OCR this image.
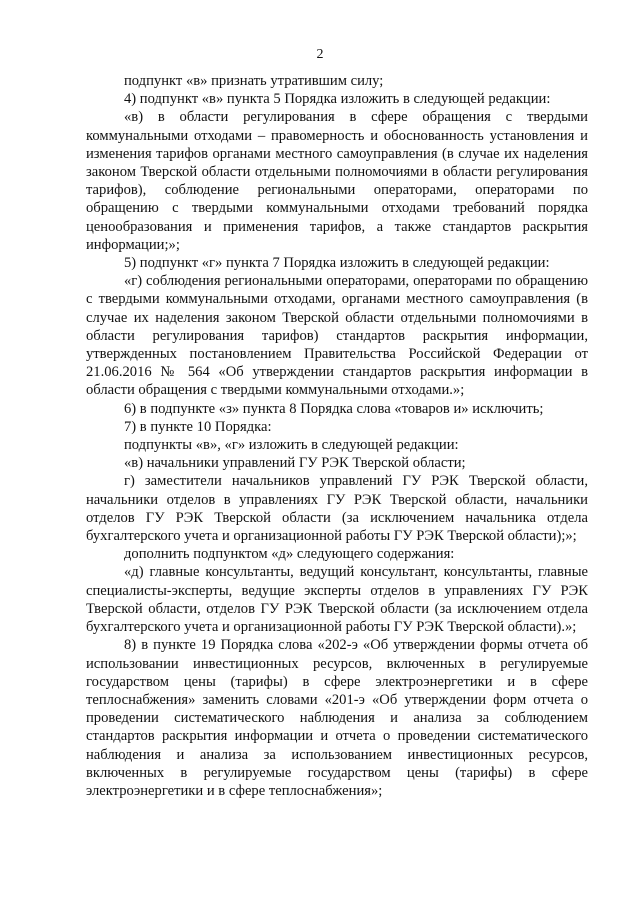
2

подпункт «в» признать утратившим силу;

4) подпункт «в» пункта 5 Порядка изложить в следующей редакции:

«в) в области регулирования в сфере обращения с твердыми коммунальными отходами – правомерность и обоснованность установления и изменения тарифов органами местного самоуправления (в случае их наделения законом Тверской области отдельными полномочиями в области регулирования тарифов), соблюдение региональными операторами, операторами по обращению с твердыми коммунальными отходами требований порядка ценообразования и применения тарифов, а также стандартов раскрытия информации;»;

5) подпункт «г» пункта 7 Порядка изложить в следующей редакции:

«г) соблюдения региональными операторами, операторами по обращению с твердыми коммунальными отходами, органами местного самоуправления (в случае их наделения законом Тверской области отдельными полномочиями в области регулирования тарифов) стандартов раскрытия информации, утвержденных постановлением Правительства Российской Федерации от 21.06.2016 № 564 «Об утверждении стандартов раскрытия информации в области обращения с твердыми коммунальными отходами.»;

6) в подпункте «з» пункта 8 Порядка слова «товаров и» исключить;

7) в пункте 10 Порядка:

подпункты «в», «г» изложить в следующей редакции:

«в) начальники управлений ГУ РЭК Тверской области;

г) заместители начальников управлений ГУ РЭК Тверской области, начальники отделов в управлениях ГУ РЭК Тверской области, начальники отделов ГУ РЭК Тверской области (за исключением начальника отдела бухгалтерского учета и организационной работы ГУ РЭК Тверской области);»;

дополнить подпунктом «д» следующего содержания:

«д) главные консультанты, ведущий консультант, консультанты, главные специалисты-эксперты, ведущие эксперты отделов в управлениях ГУ РЭК Тверской области, отделов ГУ РЭК Тверской области (за исключением отдела бухгалтерского учета и организационной работы ГУ РЭК Тверской области).»;

8) в пункте 19 Порядка слова «202-э «Об утверждении формы отчета об использовании инвестиционных ресурсов, включенных в регулируемые государством цены (тарифы) в сфере электроэнергетики и в сфере теплоснабжения» заменить словами «201-э «Об утверждении форм отчета о проведении систематического наблюдения и анализа за соблюдением стандартов раскрытия информации и отчета о проведении систематического наблюдения и анализа за использованием инвестиционных ресурсов, включенных в регулируемые государством цены (тарифы) в сфере электроэнергетики и в сфере теплоснабжения»;
